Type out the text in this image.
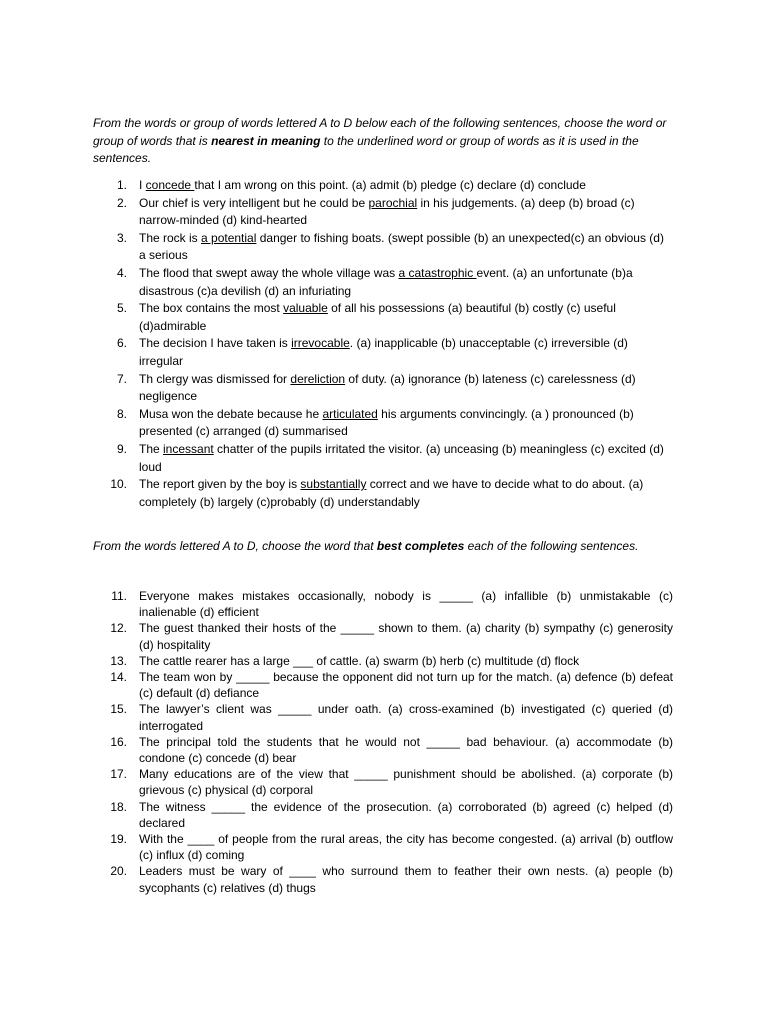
From the words or group of words lettered A to D below each of the following sentences, choose the word or group of words that is nearest in meaning to the underlined word or group of words as it is used in the sentences.

1. I concede that I am wrong on this point. (a) admit (b) pledge (c) declare (d) conclude
2. Our chief is very intelligent but he could be parochial in his judgements. (a) deep (b) broad (c) narrow-minded (d) kind-hearted
3. The rock is a potential danger to fishing boats. (swept possible (b) an unexpected(c) an obvious (d) a serious
4. The flood that swept away the whole village was a catastrophic event. (a) an unfortunate (b)a disastrous (c)a devilish (d) an infuriating
5. The box contains the most valuable of all his possessions (a) beautiful (b) costly (c) useful (d)admirable
6. The decision I have taken is irrevocable. (a) inapplicable (b) unacceptable (c) irreversible (d) irregular
7. Th clergy was dismissed for dereliction of duty. (a) ignorance (b) lateness (c) carelessness (d) negligence
8. Musa won the debate because he articulated his arguments convincingly. (a ) pronounced (b) presented (c) arranged (d) summarised
9. The incessant chatter of the pupils irritated the visitor. (a) unceasing (b) meaningless (c) excited (d) loud
10. The report given by the boy is substantially correct and we have to decide what to do about. (a) completely (b) largely (c)probably (d) understandably

From the words lettered A to D, choose the word that best completes each of the following sentences.

11. Everyone makes mistakes occasionally, nobody is _____ (a) infallible (b) unmistakable (c) inalienable (d) efficient
12. The guest thanked their hosts of the _____ shown to them. (a) charity (b) sympathy (c) generosity (d) hospitality
13. The cattle rearer has a large ___ of cattle. (a) swarm (b) herb (c) multitude (d) flock
14. The team won by _____ because the opponent did not turn up for the match. (a) defence (b) defeat (c) default (d) defiance
15. The lawyer’s client was _____ under oath. (a) cross-examined (b) investigated (c) queried (d) interrogated
16. The principal told the students that he would not _____ bad behaviour. (a) accommodate (b) condone (c) concede (d) bear
17. Many educations are of the view that _____ punishment should be abolished. (a) corporate (b) grievous (c) physical (d) corporal
18. The witness _____ the evidence of the prosecution. (a) corroborated (b) agreed (c) helped (d) declared
19. With the ____ of people from the rural areas, the city has become congested. (a) arrival (b) outflow (c) influx (d) coming
20. Leaders must be wary of ____ who surround them to feather their own nests. (a) people (b) sycophants (c) relatives (d) thugs
